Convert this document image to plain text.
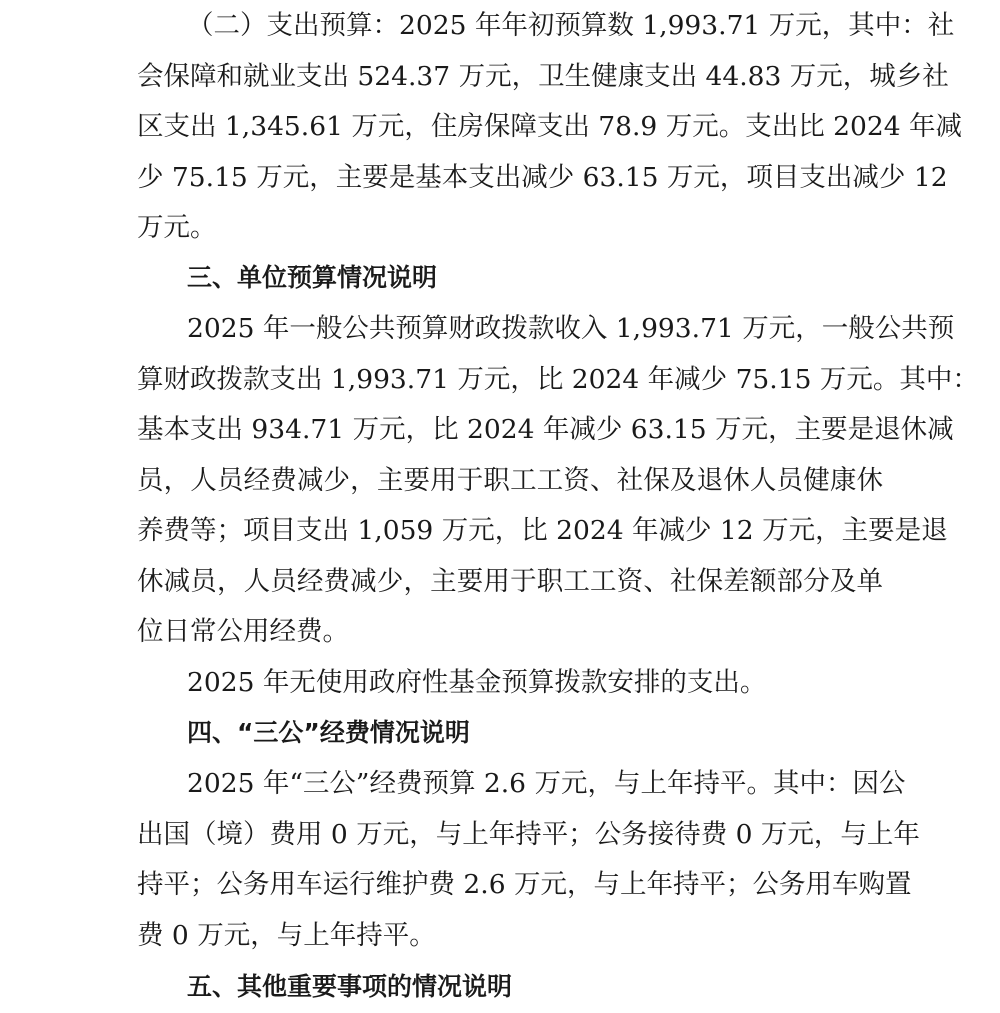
（二）支出预算：2025 年年初预算数 1,993.71 万元，其中：社
会保障和就业支出 524.37 万元，卫生健康支出 44.83 万元，城乡社
区支出 1,345.61 万元，住房保障支出 78.9 万元。支出比 2024 年减
少 75.15 万元，主要是基本支出减少 63.15 万元，项目支出减少 12
万元。
三、单位预算情况说明
2025 年一般公共预算财政拨款收入 1,993.71 万元，一般公共预
算财政拨款支出 1,993.71 万元，比 2024 年减少 75.15 万元。其中：
基本支出 934.71 万元，比 2024 年减少 63.15 万元，主要是退休减
员，人员经费减少，主要用于职工工资、社保及退休人员健康休
养费等；项目支出 1,059 万元，比 2024 年减少 12 万元，主要是退
休减员，人员经费减少，主要用于职工工资、社保差额部分及单
位日常公用经费。
2025 年无使用政府性基金预算拨款安排的支出。
四、“三公”经费情况说明
2025 年“三公”经费预算 2.6 万元，与上年持平。其中：因公
出国（境）费用 0 万元，与上年持平；公务接待费 0 万元，与上年
持平；公务用车运行维护费 2.6 万元，与上年持平；公务用车购置
费 0 万元，与上年持平。
五、其他重要事项的情况说明
